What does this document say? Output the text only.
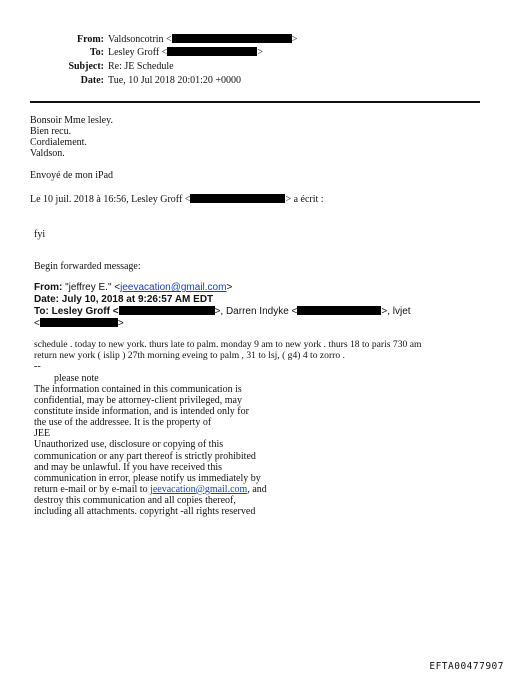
From: Valdsoncotrin <	>
To: Lesley Groff <	>
Subject: Re: JE Schedule
Date: Tue, 10 Jul 2018 20:01:20 +0000
Bonsoir Mme lesley.
Bien recu.
Cordialement.
Valdson.
Envoyé de mon iPad
Le 10 juil. 2018 à 16:56, Lesley Groff <	> a écrit :
fyi
Begin forwarded message:
From: "jeffrey E." <jeevacation@gmail.com>
Date: July 10, 2018 at 9:26:57 AM EDT
To: Lesley Groff <	>, Darren Indyke <	>, lvjet
<	>
schedule . today to new york. thurs late to palm. monday 9 am to new york . thurs 18 to paris 730 am
return new york ( islip ) 27th morning eveing to palm , 31 to lsj, ( g4) 4 to zorro .
--
please note
The information contained in this communication is
confidential, may be attorney-client privileged, may
constitute inside information, and is intended only for
the use of the addressee. It is the property of
JEE
Unauthorized use, disclosure or copying of this
communication or any part thereof is strictly prohibited
and may be unlawful. If you have received this
communication in error, please notify us immediately by
return e-mail or by e-mail to jeevacation@gmail.com, and
destroy this communication and all copies thereof,
including all attachments. copyright -all rights reserved
EFTA00477907
